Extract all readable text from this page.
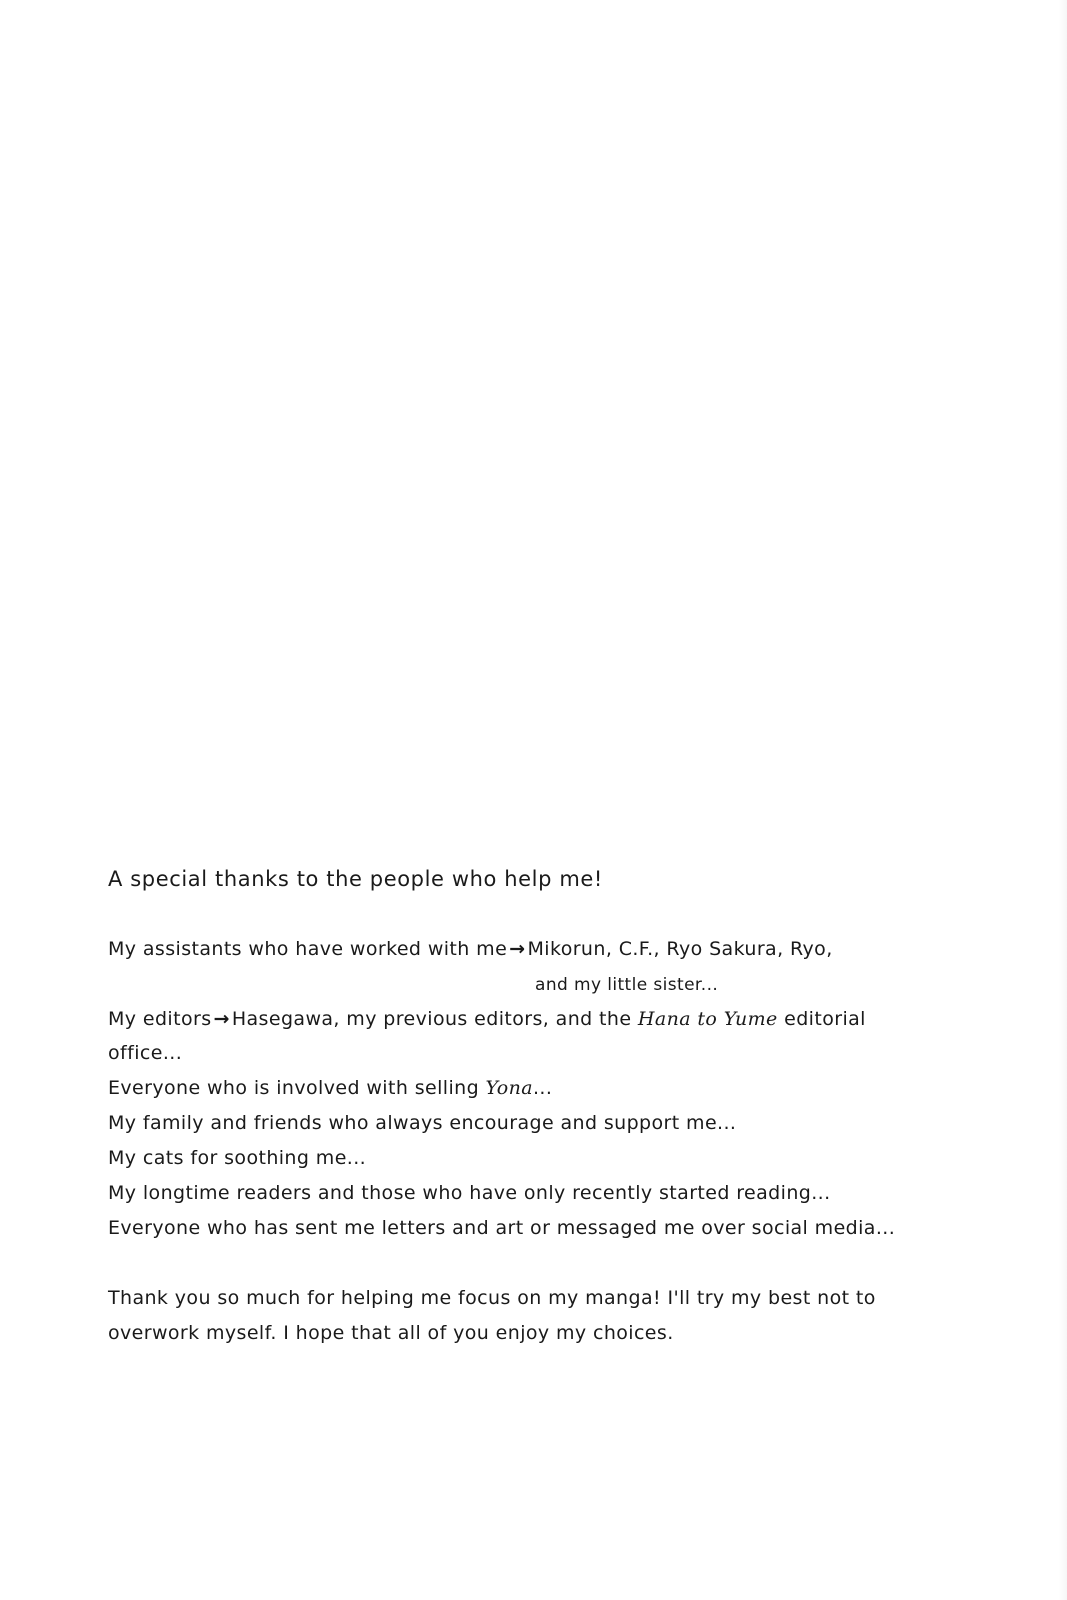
A special thanks to the people who help me!
My assistants who have worked with me → Mikorun, C.F., Ryo Sakura, Ryo,
and my little sister...
My editors → Hasegawa, my previous editors, and the Hana to Yume editorial
office...
Everyone who is involved with selling Yona...
My family and friends who always encourage and support me...
My cats for soothing me...
My longtime readers and those who have only recently started reading...
Everyone who has sent me letters and art or messaged me over social media...
Thank you so much for helping me focus on my manga! I'll try my best not to
overwork myself. I hope that all of you enjoy my choices.
